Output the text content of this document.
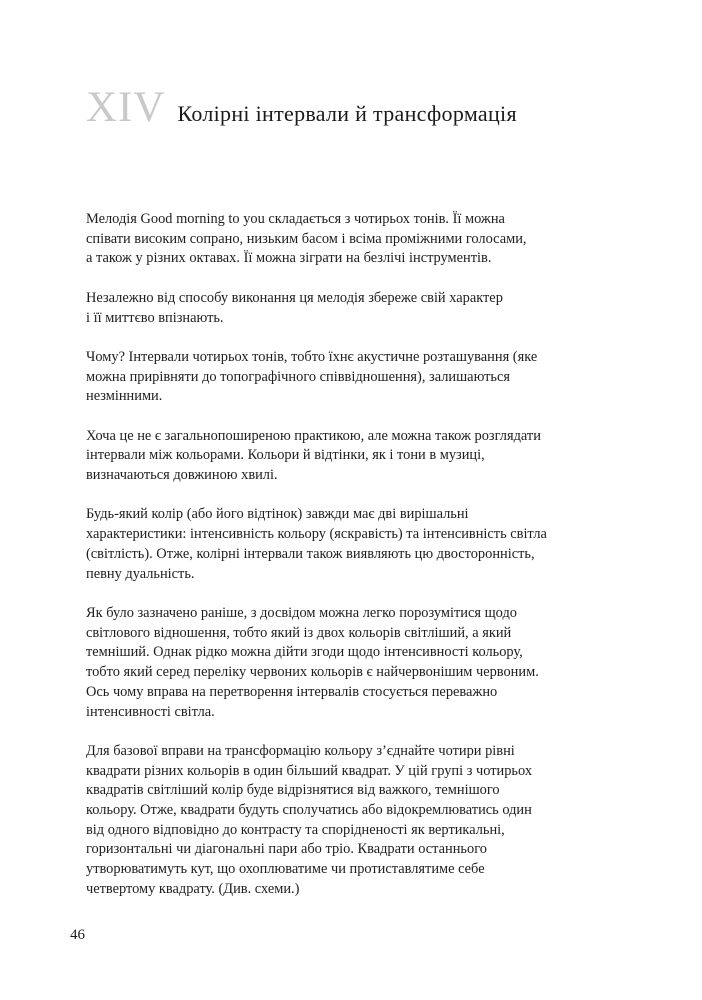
XIV Колірні інтервали й трансформація

Мелодія Good morning to you складається з чотирьох тонів. Її можна
співати високим сопрано, низьким басом і всіма проміжними голосами,
а також у різних октавах. Її можна зіграти на безлічі інструментів.

Незалежно від способу виконання ця мелодія збереже свій характер
і її миттєво впізнають.

Чому? Інтервали чотирьох тонів, тобто їхнє акустичне розташування (яке
можна прирівняти до топографічного співвідношення), залишаються
незмінними.

Хоча це не є загальнопоширеною практикою, але можна також розглядати
інтервали між кольорами. Кольори й відтінки, як і тони в музиці,
визначаються довжиною хвилі.

Будь-який колір (або його відтінок) завжди має дві вирішальні
характеристики: інтенсивність кольору (яскравість) та інтенсивність світла
(світлість). Отже, колірні інтервали також виявляють цю двосторонність,
певну дуальність.

Як було зазначено раніше, з досвідом можна легко порозумітися щодо
світлового відношення, тобто який із двох кольорів світліший, а який
темніший. Однак рідко можна дійти згоди щодо інтенсивності кольору,
тобто який серед переліку червоних кольорів є найчервонішим червоним.
Ось чому вправа на перетворення інтервалів стосується переважно
інтенсивності світла.

Для базової вправи на трансформацію кольору з’єднайте чотири рівні
квадрати різних кольорів в один більший квадрат. У цій групі з чотирьох
квадратів світліший колір буде відрізнятися від важкого, темнішого
кольору. Отже, квадрати будуть сполучатись або відокремлюватись один
від одного відповідно до контрасту та спорідненості як вертикальні,
горизонтальні чи діагональні пари або тріо. Квадрати останнього
утворюватимуть кут, що охоплюватиме чи протиставлятиме себе
четвертому квадрату. (Див. схеми.)

46
